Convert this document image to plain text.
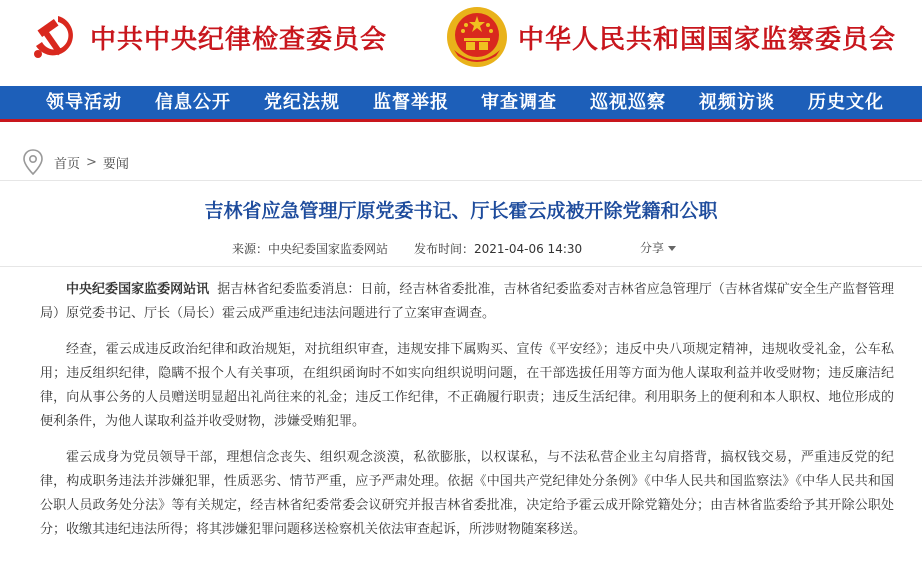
中共中央纪律检查委员会	中华人民共和国国家监察委员会
领导活动 信息公开 党纪法规 监督举报 审查调查 巡视巡察 视频访谈 历史文化
首页 > 要闻
吉林省应急管理厅原党委书记、厅长霍云成被开除党籍和公职
来源：中央纪委国家监委网站 发布时间：2021-04-06 14:30	分享

中央纪委国家监委网站讯 据吉林省纪委监委消息：日前，经吉林省委批准，吉林省纪委监委对吉林省应急管理厅（吉林省煤矿安全生产监督管理局）原党委书记、厅长（局长）霍云成严重违纪违法问题进行了立案审查调查。

经查，霍云成违反政治纪律和政治规矩，对抗组织审查，违规安排下属购买、宣传《平安经》；违反中央八项规定精神，违规收受礼金，公车私用；违反组织纪律，隐瞒不报个人有关事项，在组织函询时不如实向组织说明问题，在干部选拔任用等方面为他人谋取利益并收受财物；违反廉洁纪律，向从事公务的人员赠送明显超出礼尚往来的礼金；违反工作纪律，不正确履行职责；违反生活纪律。利用职务上的便利和本人职权、地位形成的便利条件，为他人谋取利益并收受财物，涉嫌受贿犯罪。

霍云成身为党员领导干部，理想信念丧失、组织观念淡漠，私欲膨胀，以权谋私，与不法私营企业主勾肩搭背，搞权钱交易，严重违反党的纪律，构成职务违法并涉嫌犯罪，性质恶劣、情节严重，应予严肃处理。依据《中国共产党纪律处分条例》《中华人民共和国监察法》《中华人民共和国公职人员政务处分法》等有关规定，经吉林省纪委常委会议研究并报吉林省委批准，决定给予霍云成开除党籍处分；由吉林省监委给予其开除公职处分；收缴其违纪违法所得；将其涉嫌犯罪问题移送检察机关依法审查起诉，所涉财物随案移送。
